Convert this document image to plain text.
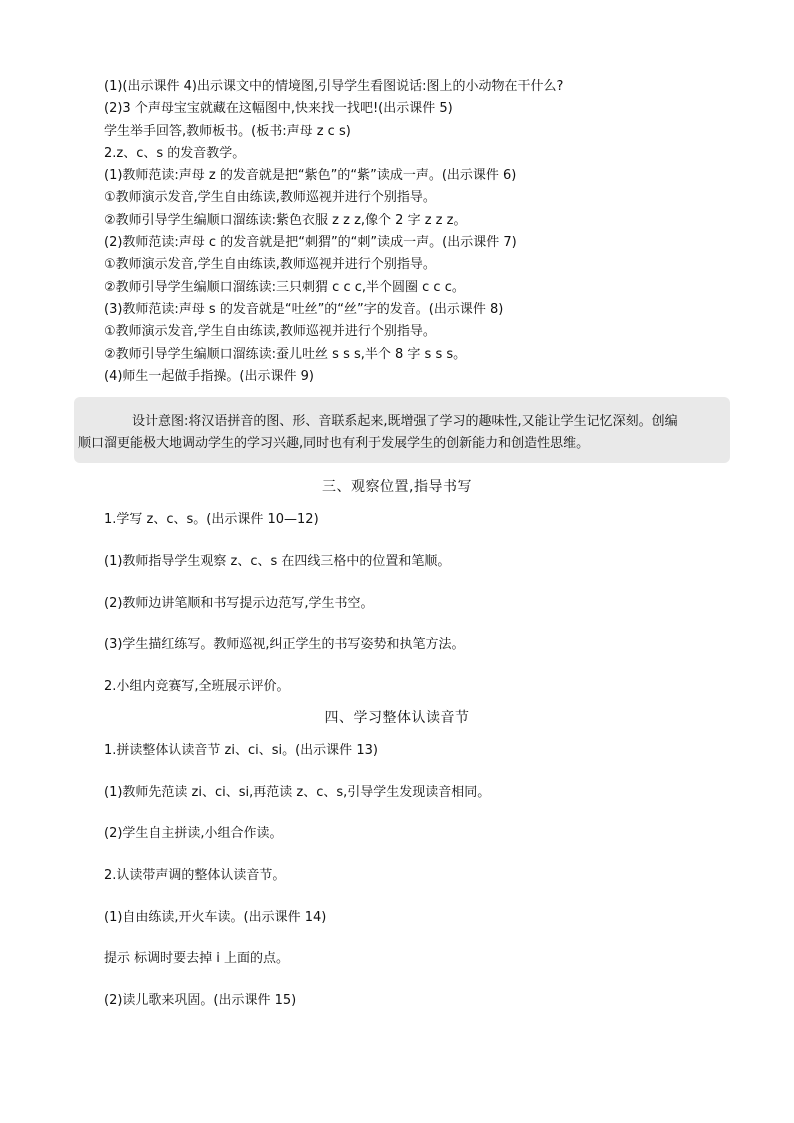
(1)(出示课件 4)出示课文中的情境图,引导学生看图说话:图上的小动物在干什么?
(2)3 个声母宝宝就藏在这幅图中,快来找一找吧!(出示课件 5)
学生举手回答,教师板书。(板书:声母 z c s)
2.z、c、s 的发音教学。
(1)教师范读:声母 z 的发音就是把“紫色”的“紫”读成一声。(出示课件 6)
①教师演示发音,学生自由练读,教师巡视并进行个别指导。
②教师引导学生编顺口溜练读:紫色衣服 z z z,像个 2 字 z z z。
(2)教师范读:声母 c 的发音就是把“刺猬”的“刺”读成一声。(出示课件 7)
①教师演示发音,学生自由练读,教师巡视并进行个别指导。
②教师引导学生编顺口溜练读:三只刺猬 c c c,半个圆圈 c c c。
(3)教师范读:声母 s 的发音就是“吐丝”的“丝”字的发音。(出示课件 8)
①教师演示发音,学生自由练读,教师巡视并进行个别指导。
②教师引导学生编顺口溜练读:蚕儿吐丝 s s s,半个 8 字 s s s。
(4)师生一起做手指操。(出示课件 9)

设计意图:将汉语拼音的图、形、音联系起来,既增强了学习的趣味性,又能让学生记忆深刻。创编

顺口溜更能极大地调动学生的学习兴趣,同时也有利于发展学生的创新能力和创造性思维。

三、观察位置,指导书写
1.学写 z、c、s。(出示课件 10—12)
(1)教师指导学生观察 z、c、s 在四线三格中的位置和笔顺。
(2)教师边讲笔顺和书写提示边范写,学生书空。
(3)学生描红练写。教师巡视,纠正学生的书写姿势和执笔方法。
2.小组内竞赛写,全班展示评价。
四、学习整体认读音节
1.拼读整体认读音节 zi、ci、si。(出示课件 13)
(1)教师先范读 zi、ci、si,再范读 z、c、s,引导学生发现读音相同。
(2)学生自主拼读,小组合作读。
2.认读带声调的整体认读音节。
(1)自由练读,开火车读。(出示课件 14)
提示 标调时要去掉 i 上面的点。
(2)读儿歌来巩固。(出示课件 15)
